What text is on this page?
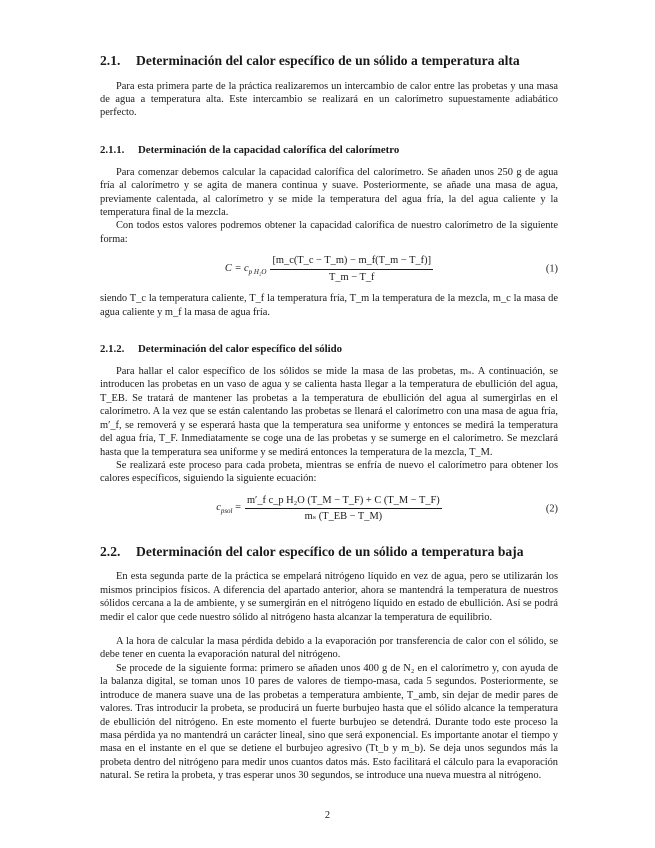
2.1.	Determinación del calor específico de un sólido a temperatura alta

Para esta primera parte de la práctica realizaremos un intercambio de calor entre las probetas y una masa de agua a temperatura alta. Este intercambio se realizará en un calorímetro supuestamente adiabático perfecto.

2.1.1.	Determinación de la capacidad calorífica del calorímetro

Para comenzar debemos calcular la capacidad calorífica del calorímetro. Se añaden unos 250 g de agua fría al calorímetro y se agita de manera continua y suave. Posteriormente, se añade una masa de agua, previamente calentada, al calorímetro y se mide la temperatura del agua fría, la del agua caliente y la temperatura final de la mezcla.

Con todos estos valores podremos obtener la capacidad calorífica de nuestro calorímetro de la siguiente forma:

$C = c_{p H_2O} \frac{[m\_c(T\_c - T\_m) - m\_f(T\_m - T\_f)]}{T\_m - T\_f}$	(1)

siendo T_c la temperatura caliente, T_f la temperatura fría, T_m la temperatura de la mezcla, m_c la masa de agua caliente y m_f la masa de agua fría.

2.1.2.	Determinación del calor específico del sólido

Para hallar el calor específico de los sólidos se mide la masa de las probetas, mₛ. A continuación, se introducen las probetas en un vaso de agua y se calienta hasta llegar a la temperatura de ebullición del agua, T_EB. Se tratará de mantener las probetas a la temperatura de ebullición del agua al sumergirlas en el calorímetro. A la vez que se están calentando las probetas se llenará el calorímetro con una masa de agua fría, m′_f, se removerá y se esperará hasta que la temperatura sea uniforme y entonces se medirá la temperatura del agua fría, T_F. Inmediatamente se coge una de las probetas y se sumerge en el calorímetro. Se mezclará hasta que la temperatura sea uniforme y se medirá entonces la temperatura de la mezcla, T_M.

Se realizará este proceso para cada probeta, mientras se enfría de nuevo el calorímetro para obtener los calores específicos, siguiendo la siguiente ecuación:

$c_{psol} = \frac{\text{m′\_f c\_p H₂O (T\_M − T\_F) + C (T\_M − T\_F)}}{\text{mₛ (T\_EB − T\_M)}}$	(2)
2.2.	Determinación del calor específico de un sólido a temperatura baja

En esta segunda parte de la práctica se empelará nitrógeno líquido en vez de agua, pero se utilizarán los mismos principios físicos. A diferencia del apartado anterior, ahora se mantendrá la temperatura de nuestros sólidos cercana a la de ambiente, y se sumergirán en el nitrógeno líquido en estado de ebullición. Así se podrá medir el calor que cede nuestro sólido al nitrógeno hasta alcanzar la temperatura de equilibrio.

A la hora de calcular la masa pérdida debido a la evaporación por transferencia de calor con el sólido, se debe tener en cuenta la evaporación natural del nitrógeno.

Se procede de la siguiente forma: primero se añaden unos 400 g de N₂ en el calorímetro y, con ayuda de la balanza digital, se toman unos 10 pares de valores de tiempo-masa, cada 5 segundos. Posteriormente, se introduce de manera suave una de las probetas a temperatura ambiente, T_amb, sin dejar de medir pares de valores. Tras introducir la probeta, se producirá un fuerte burbujeo hasta que el sólido alcance la temperatura de ebullición del nitrógeno. En este momento el fuerte burbujeo se detendrá. Durante todo este proceso la masa pérdida ya no mantendrá un carácter lineal, sino que será exponencial. Es importante anotar el tiempo y masa en el instante en el que se detiene el burbujeo agresivo (Tt_b y m_b). Se deja unos segundos más la probeta dentro del nitrógeno para medir unos cuantos datos más. Esto facilitará el cálculo para la evaporación natural. Se retira la probeta, y tras esperar unos 30 segundos, se introduce una nueva muestra al nitrógeno.

2
